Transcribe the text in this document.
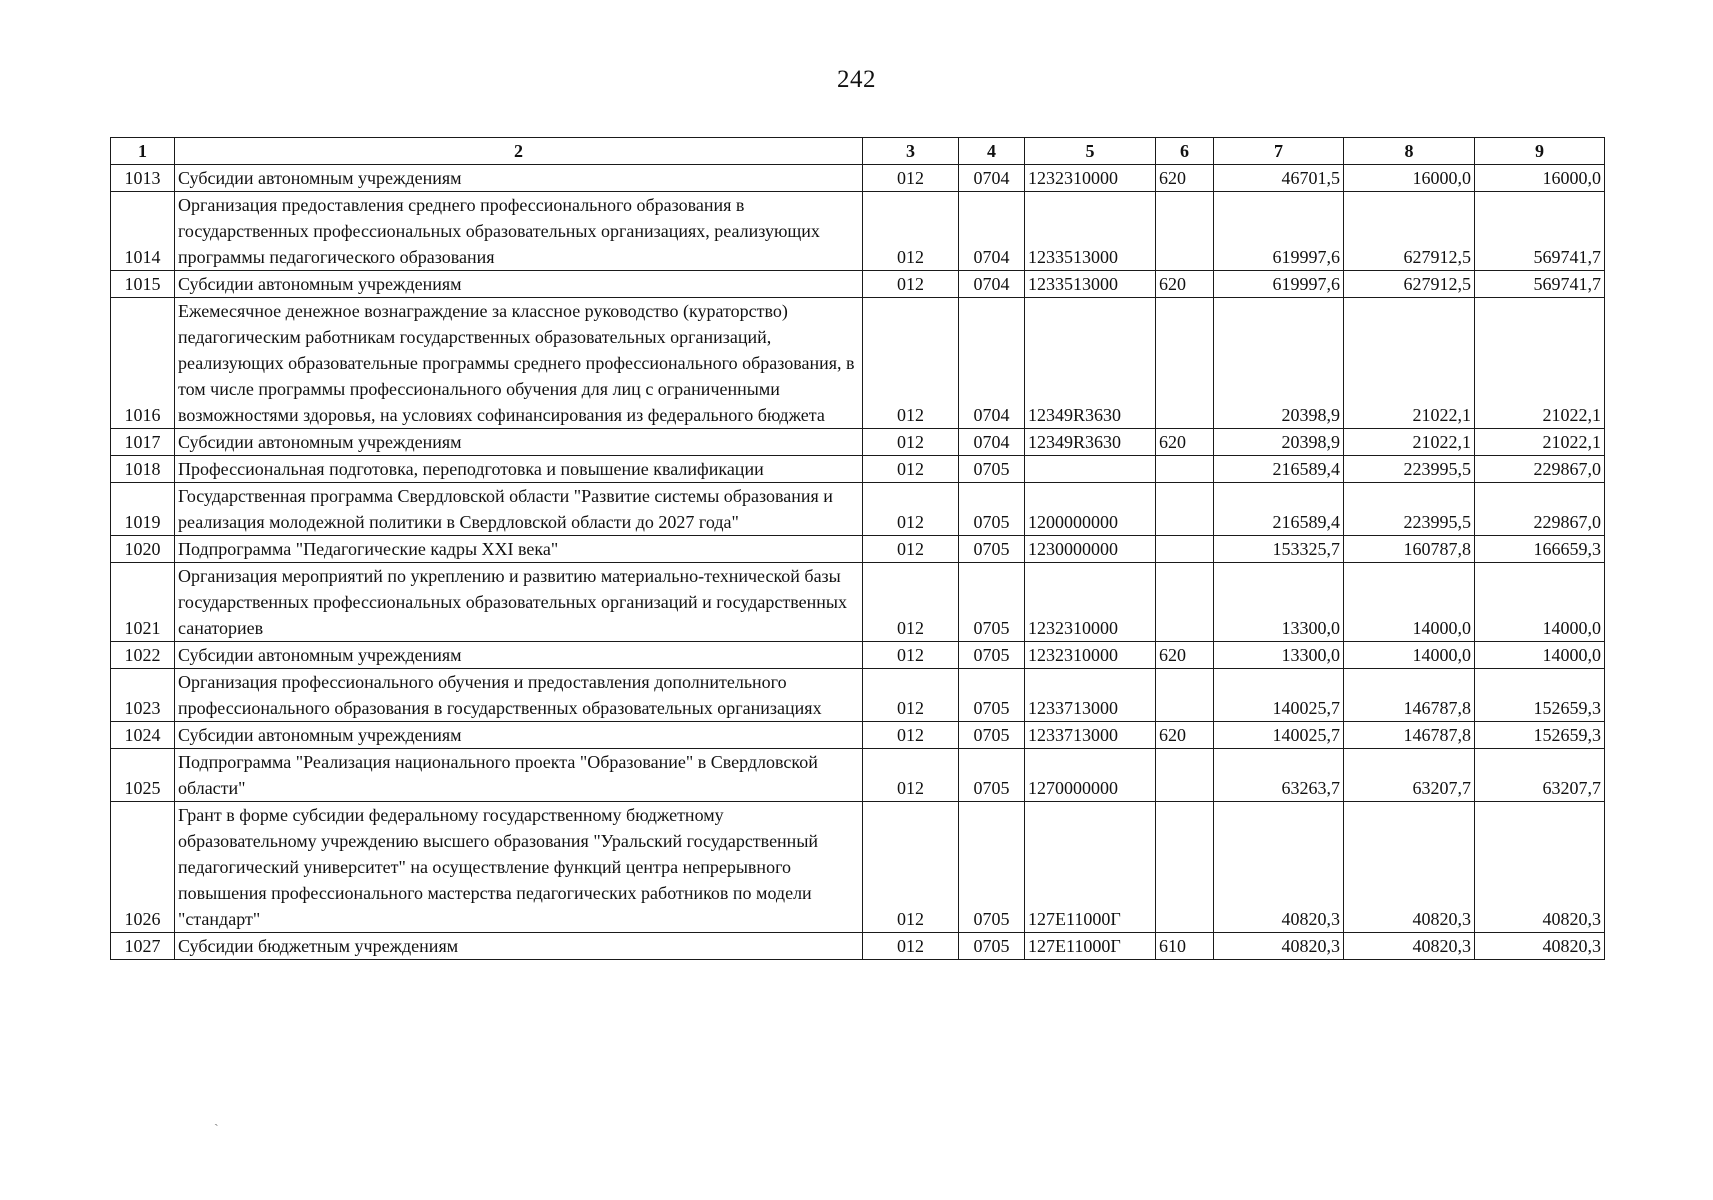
242
1	2	3	4	5	6	7	8	9
1013	Субсидии автономным учреждениям	012	0704	1232310000	620	46701,5	16000,0	16000,0
1014	Организация предоставления среднего профессионального образования в государственных профессиональных образовательных организациях, реализующих программы педагогического образования	012	0704	1233513000		619997,6	627912,5	569741,7
1015	Субсидии автономным учреждениям	012	0704	1233513000	620	619997,6	627912,5	569741,7
1016	Ежемесячное денежное вознаграждение за классное руководство (кураторство) педагогическим работникам государственных образовательных организаций, реализующих образовательные программы среднего профессионального образования, в том числе программы профессионального обучения для лиц с ограниченными возможностями здоровья, на условиях софинансирования из федерального бюджета	012	0704	12349R3630		20398,9	21022,1	21022,1
1017	Субсидии автономным учреждениям	012	0704	12349R3630	620	20398,9	21022,1	21022,1
1018	Профессиональная подготовка, переподготовка и повышение квалификации	012	0705			216589,4	223995,5	229867,0
1019	Государственная программа Свердловской области "Развитие системы образования и реализация молодежной политики в Свердловской области до 2027 года"	012	0705	1200000000		216589,4	223995,5	229867,0
1020	Подпрограмма "Педагогические кадры XXI века"	012	0705	1230000000		153325,7	160787,8	166659,3
1021	Организация мероприятий по укреплению и развитию материально-технической базы государственных профессиональных образовательных организаций и государственных санаториев	012	0705	1232310000		13300,0	14000,0	14000,0
1022	Субсидии автономным учреждениям	012	0705	1232310000	620	13300,0	14000,0	14000,0
1023	Организация профессионального обучения и предоставления дополнительного профессионального образования в государственных образовательных организациях	012	0705	1233713000		140025,7	146787,8	152659,3
1024	Субсидии автономным учреждениям	012	0705	1233713000	620	140025,7	146787,8	152659,3
1025	Подпрограмма "Реализация национального проекта "Образование" в Свердловской области"	012	0705	1270000000		63263,7	63207,7	63207,7
1026	Грант в форме субсидии федеральному государственному бюджетному образовательному учреждению высшего образования "Уральский государственный педагогический университет" на осуществление функций центра непрерывного повышения профессионального мастерства педагогических работников по модели "стандарт"	012	0705	127E11000Г		40820,3	40820,3	40820,3
1027	Субсидии бюджетным учреждениям	012	0705	127E11000Г	610	40820,3	40820,3	40820,3
ˏ
